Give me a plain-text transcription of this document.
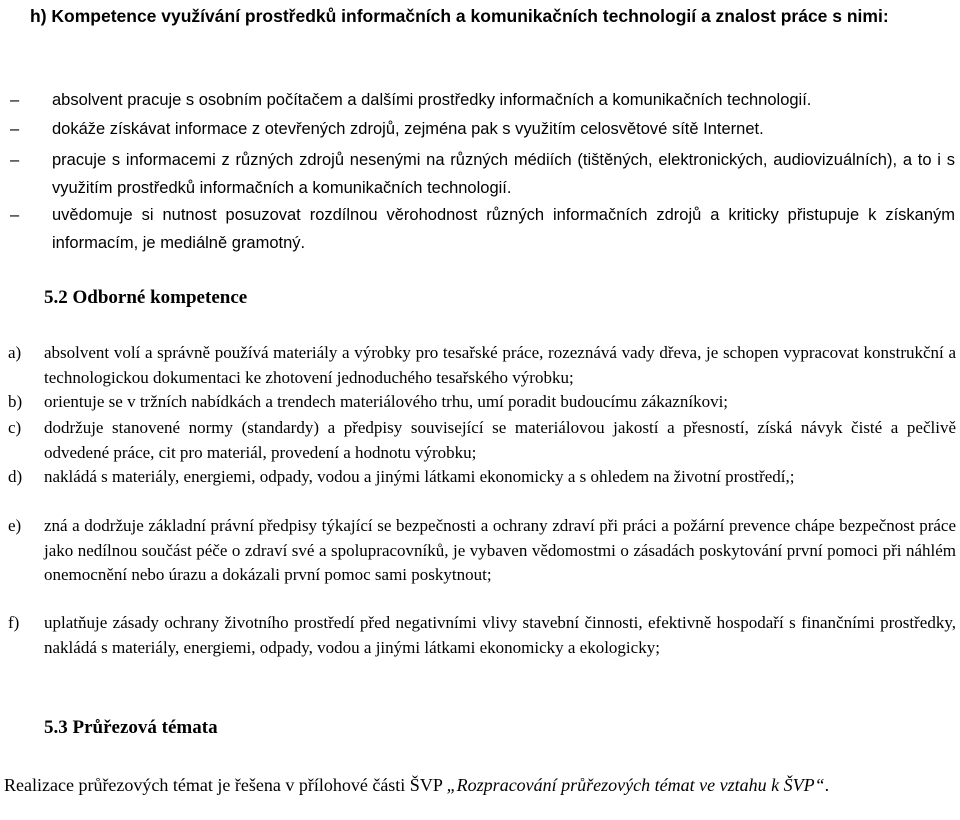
h) Kompetence využívání prostředků informačních a komunikačních technologií a znalost práce s nimi:

– absolvent pracuje s osobním počítačem a dalšími prostředky informačních a komunikačních technologií.
– dokáže získávat informace z otevřených zdrojů, zejména pak s využitím celosvětové sítě Internet.
– pracuje s informacemi z různých zdrojů nesenými na různých médiích (tištěných, elektronických, audiovizuálních), a to i s využitím prostředků informačních a komunikačních technologií.
– uvědomuje si nutnost posuzovat rozdílnou věrohodnost různých informačních zdrojů a kriticky přistupuje k získaným informacím, je mediálně gramotný.
5.2 Odborné kompetence
a) absolvent volí a správně používá materiály a výrobky pro tesařské práce, rozeznává vady dřeva, je schopen vypracovat konstrukční a technologickou dokumentaci ke zhotovení jednoduchého tesařského výrobku;
b) orientuje se v tržních nabídkách a trendech materiálového trhu, umí poradit budoucímu zákazníkovi;
c) dodržuje stanovené normy (standardy) a předpisy související se materiálovou jakostí a přesností, získá návyk čisté a pečlivě odvedené práce, cit pro materiál, provedení a hodnotu výrobku;
d) nakládá s materiály, energiemi, odpady, vodou a jinými látkami ekonomicky a s ohledem na životní prostředí,;
e) zná a dodržuje základní právní předpisy týkající se bezpečnosti a ochrany zdraví při práci a požární prevence chápe bezpečnost práce jako nedílnou součást péče o zdraví své a spolupracovníků, je vybaven vědomostmi o zásadách poskytování první pomoci při náhlém onemocnění nebo úrazu a dokázali první pomoc sami poskytnout;
f) uplatňuje zásady ochrany životního prostředí před negativními vlivy stavební činnosti, efektivně hospodaří s finančními prostředky, nakládá s materiály, energiemi, odpady, vodou a jinými látkami ekonomicky a ekologicky;
5.3 Průřezová témata

Realizace průřezových témat je řešena v přílohové části ŠVP „Rozpracování průřezových témat ve vztahu k ŠVP“.
